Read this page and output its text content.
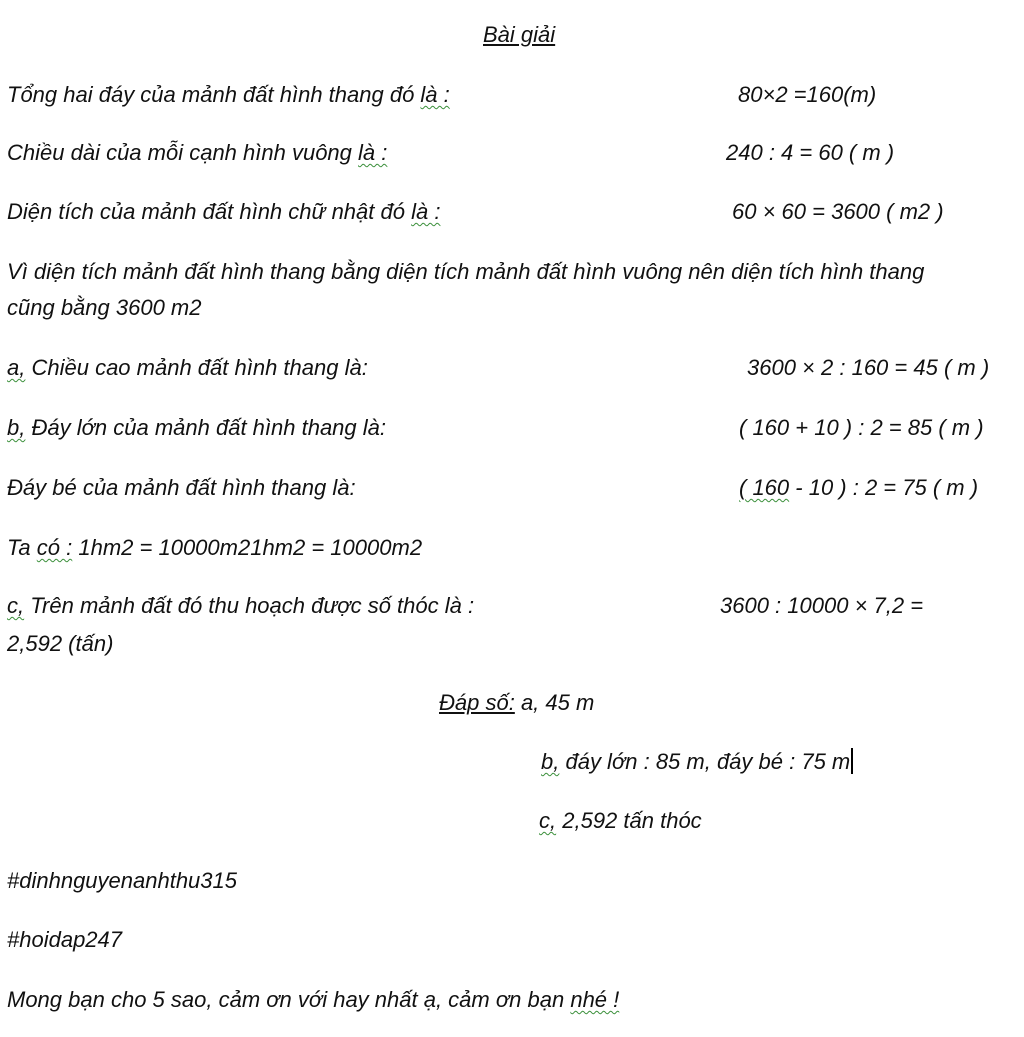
Bài giải
Tổng hai đáy của mảnh đất hình thang đó là :	80×2 =160(m)
Chiều dài của mỗi cạnh hình vuông là :	240 : 4 = 60 ( m )
Diện tích của mảnh đất hình chữ nhật đó là :	60 × 60 = 3600 ( m2 )
Vì diện tích mảnh đất hình thang bằng diện tích mảnh đất hình vuông nên diện tích hình thang
cũng bằng 3600 m2
a, Chiều cao mảnh đất hình thang là:	3600 × 2 : 160 = 45 ( m )
b, Đáy lớn của mảnh đất hình thang là:	( 160 + 10 ) : 2 = 85 ( m )
Đáy bé của mảnh đất hình thang là:	( 160 - 10 ) : 2 = 75 ( m )
Ta có : 1hm2 = 10000m21hm2 = 10000m2
c, Trên mảnh đất đó thu hoạch được số thóc là :	3600 : 10000 × 7,2 =
2,592 (tấn)
Đáp số: a, 45 m
b, đáy lớn : 85 m, đáy bé : 75 m
c, 2,592 tấn thóc
#dinhnguyenanhthu315
#hoidap247
Mong bạn cho 5 sao, cảm ơn với hay nhất ạ, cảm ơn bạn nhé !
